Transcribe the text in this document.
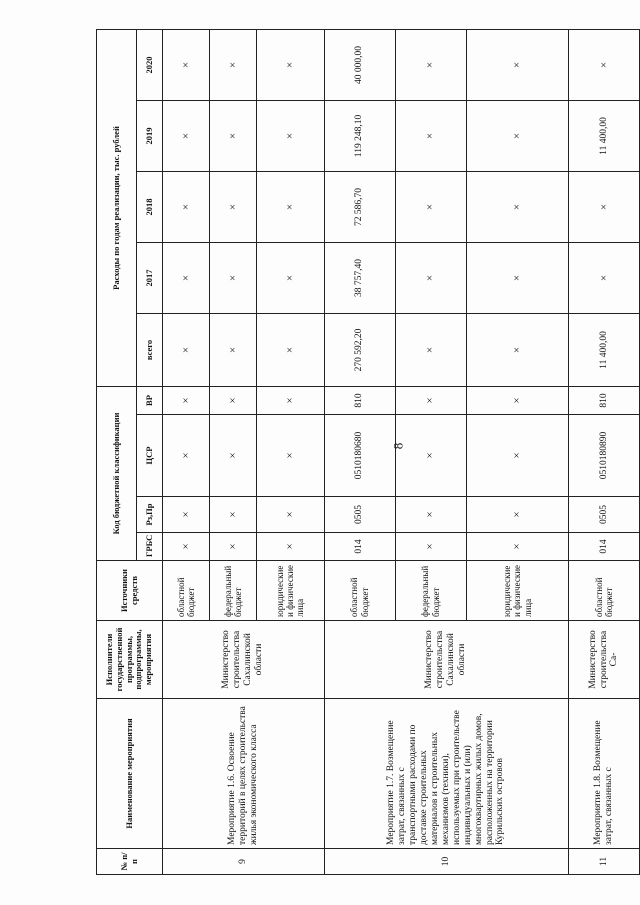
8
№ п/п	Наименование мероприятия	Исполнители государственной программы, подпрограммы, мероприятия	Источники средств	Код бюджетной классификации				Расходы по годам реализации, тыс. рублей				
				ГРБС	Рз,Пр	ЦСР	ВР	всего	2017	2018	2019	2020
9	Мероприятие 1.6. Освоение территорий в целях строительства жилья экономического класса	Министерство строительства Сахалинской области	областной бюджет	×	×	×	×	×	×	×	×	×
			федеральный бюджет	×	×	×	×	×	×	×	×	×
			юридические и физические лица	×	×	×	×	×	×	×	×	×
10	Мероприятие 1.7. Возмещение затрат, связанных с транспортными расходами по доставке строительных материалов и строительных механизмов (техники), используемых при строительстве индивидуальных и (или) многоквартирных жилых домов, расположенных на территории Курильских островов	Министерство строительства Сахалинской области	областной бюджет	014	0505	0510180680	810	270 592,20	38 757,40	72 586,70	119 248,10	40 000,00
			федеральный бюджет	×	×	×	×	×	×	×	×	×
			юридические и физические лица	×	×	×	×	×	×	×	×	×
11	Мероприятие 1.8. Возмещение затрат, связанных с	Министерство строительства Са-	областной бюджет	014	0505	0510180890	810	11 400,00	×	×	11 400,00	×
